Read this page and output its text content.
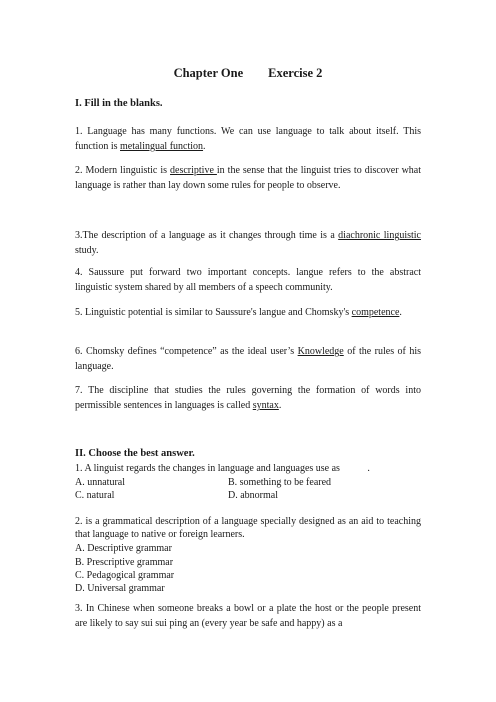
Chapter One        Exercise 2
I. Fill in the blanks.
1. Language has many functions. We can use language to talk about itself. This function is metalingual function.
2. Modern linguistic is descriptive in the sense that the linguist tries to discover what language is rather than lay down some rules for people to observe.
3.The description of a language as it changes through time is a diachronic linguistic study.
4. Saussure put forward two important concepts. langue refers to the abstract linguistic system shared by all members of a speech community.
5. Linguistic potential is similar to Saussure's langue and Chomsky's competence.
6. Chomsky defines “competence” as the ideal user’s Knowledge of the rules of his language.
7. The discipline that studies the rules governing the formation of words into permissible sentences in languages is called syntax.
II. Choose the best answer.
1. A linguist regards the changes in language and languages use as           .
A. unnatural	B. something to be feared
C. natural	D. abnormal
2. is a grammatical description of a language specially designed as an aid to teaching that language to native or foreign learners.
A. Descriptive grammar
B. Prescriptive grammar
C. Pedagogical grammar
D. Universal grammar
3. In Chinese when someone breaks a bowl or a plate the host or the people present are likely to say sui sui ping an (every year be safe and happy) as a
